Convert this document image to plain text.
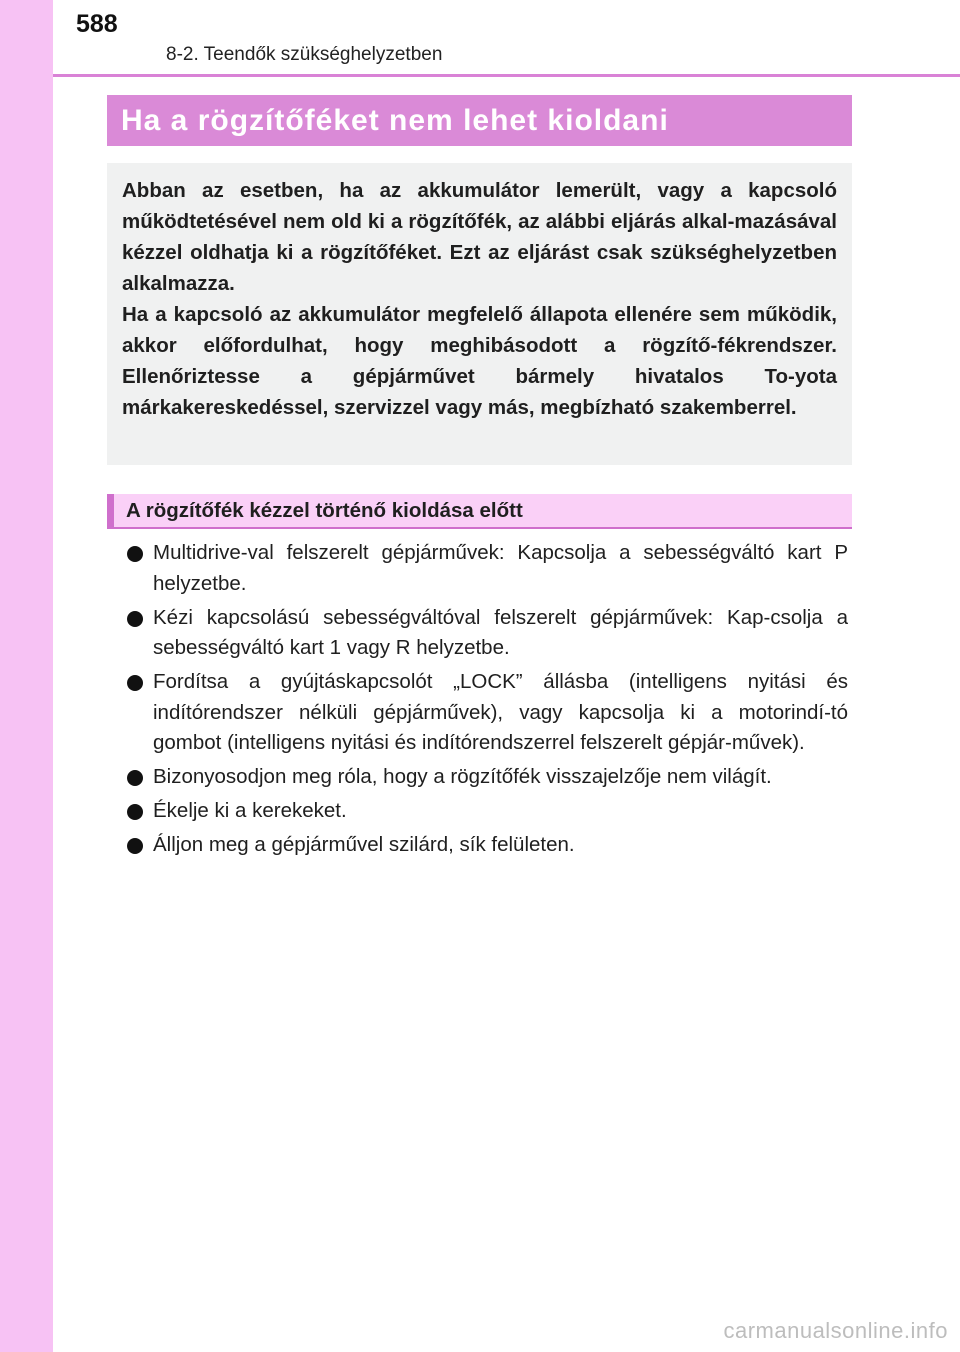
588
8-2. Teendők szükséghelyzetben
Ha a rögzítőféket nem lehet kioldani

Abban az esetben, ha az akkumulátor lemerült, vagy a kapcsoló működtetésével nem old ki a rögzítőfék, az alábbi eljárás alkal-mazásával kézzel oldhatja ki a rögzítőféket. Ezt az eljárást csak szükséghelyzetben alkalmazza.

Ha a kapcsoló az akkumulátor megfelelő állapota ellenére sem működik, akkor előfordulhat, hogy meghibásodott a rögzítő-fékrendszer. Ellenőriztesse a gépjárművet bármely hivatalos To-yota márkakereskedéssel, szervizzel vagy más, megbízható szakemberrel.

A rögzítőfék kézzel történő kioldása előtt
Multidrive-val felszerelt gépjárművek: Kapcsolja a sebességváltó kart P helyzetbe.
Kézi kapcsolású sebességváltóval felszerelt gépjárművek: Kap-csolja a sebességváltó kart 1 vagy R helyzetbe.
Fordítsa a gyújtáskapcsolót „LOCK” állásba (intelligens nyitási és indítórendszer nélküli gépjárművek), vagy kapcsolja ki a motorindí-tó gombot (intelligens nyitási és indítórendszerrel felszerelt gépjár-művek).
Bizonyosodjon meg róla, hogy a rögzítőfék visszajelzője nem világít.
Ékelje ki a kerekeket.
Álljon meg a gépjárművel szilárd, sík felületen.
carmanualsonline.info
